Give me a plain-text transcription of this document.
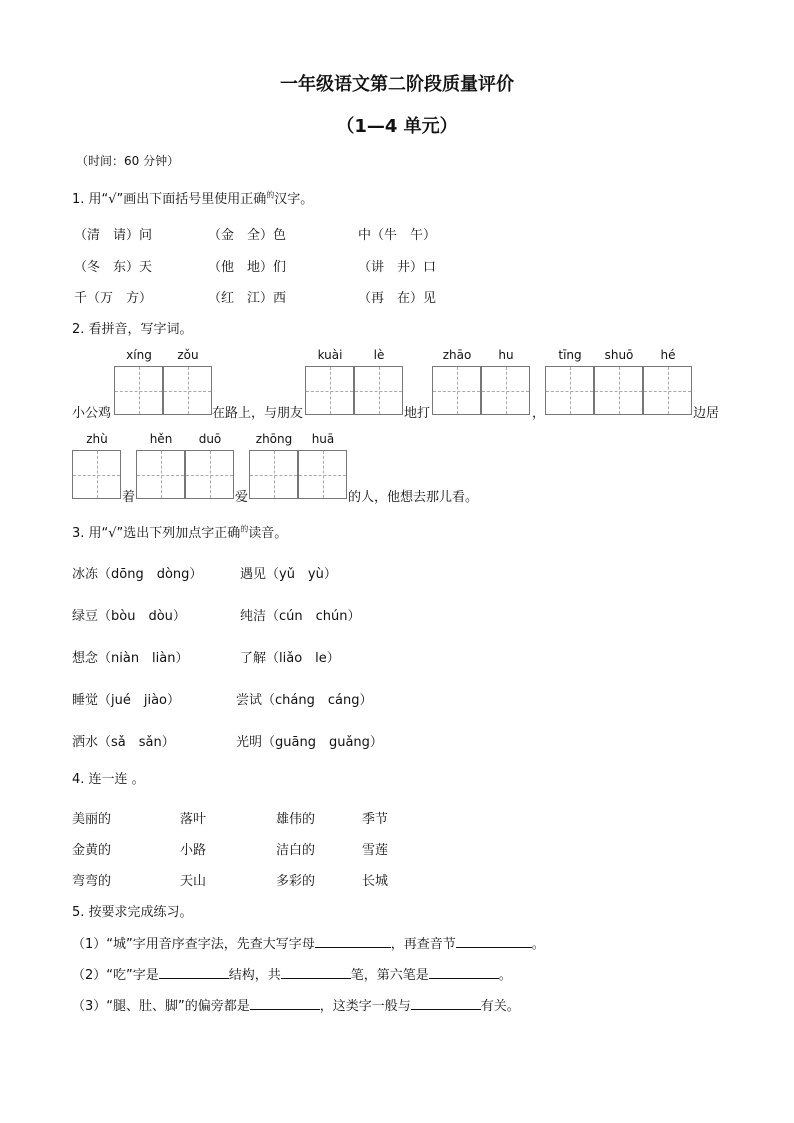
一年级语文第二阶段质量评价
（1—4 单元）
（时间：60 分钟）
1. 用“√”画出下面括号里使用正确$^的$汉字。
（清　请）问	（金　全）色	中（牛　午）
（冬　东）天	（他　地）们	（讲　井）口
千（万　方）	（红　江）西	（再　在）见
2. 看拼音，写字词。
xíng	zǒu	kuài	lè	zhāo	hu	tīng	shuō	hé
小公鸡	在路上，与朋友	地打	，	边居
zhù	hěn	duō	zhōng	huā
着	爱	的人，他想去那儿看。
3. 用“√”选出下列加点字正确$^的$读音。
冰冻（dōng　dòng）	遇见（yǔ　yù）
绿豆（bòu　dòu）	纯洁（cún　chún）
想念（niàn　liàn）	了解（liǎo　le）
睡觉（jué　jiào）	尝试（cháng　cáng）
洒水（sǎ　sǎn）	光明（guāng　guǎng）
4. 连一连 。
美丽的	落叶	雄伟的	季节
金黄的	小路	洁白的	雪莲
弯弯的	天山	多彩的	长城
5. 按要求完成练习。
（1）“城”字用音序查字法，先查大写字母	，再查音节	。
（2）“吃”字是	结构，共	笔，第六笔是	。
（3）“腿、肚、脚”的偏旁都是	，这类字一般与	有关。
